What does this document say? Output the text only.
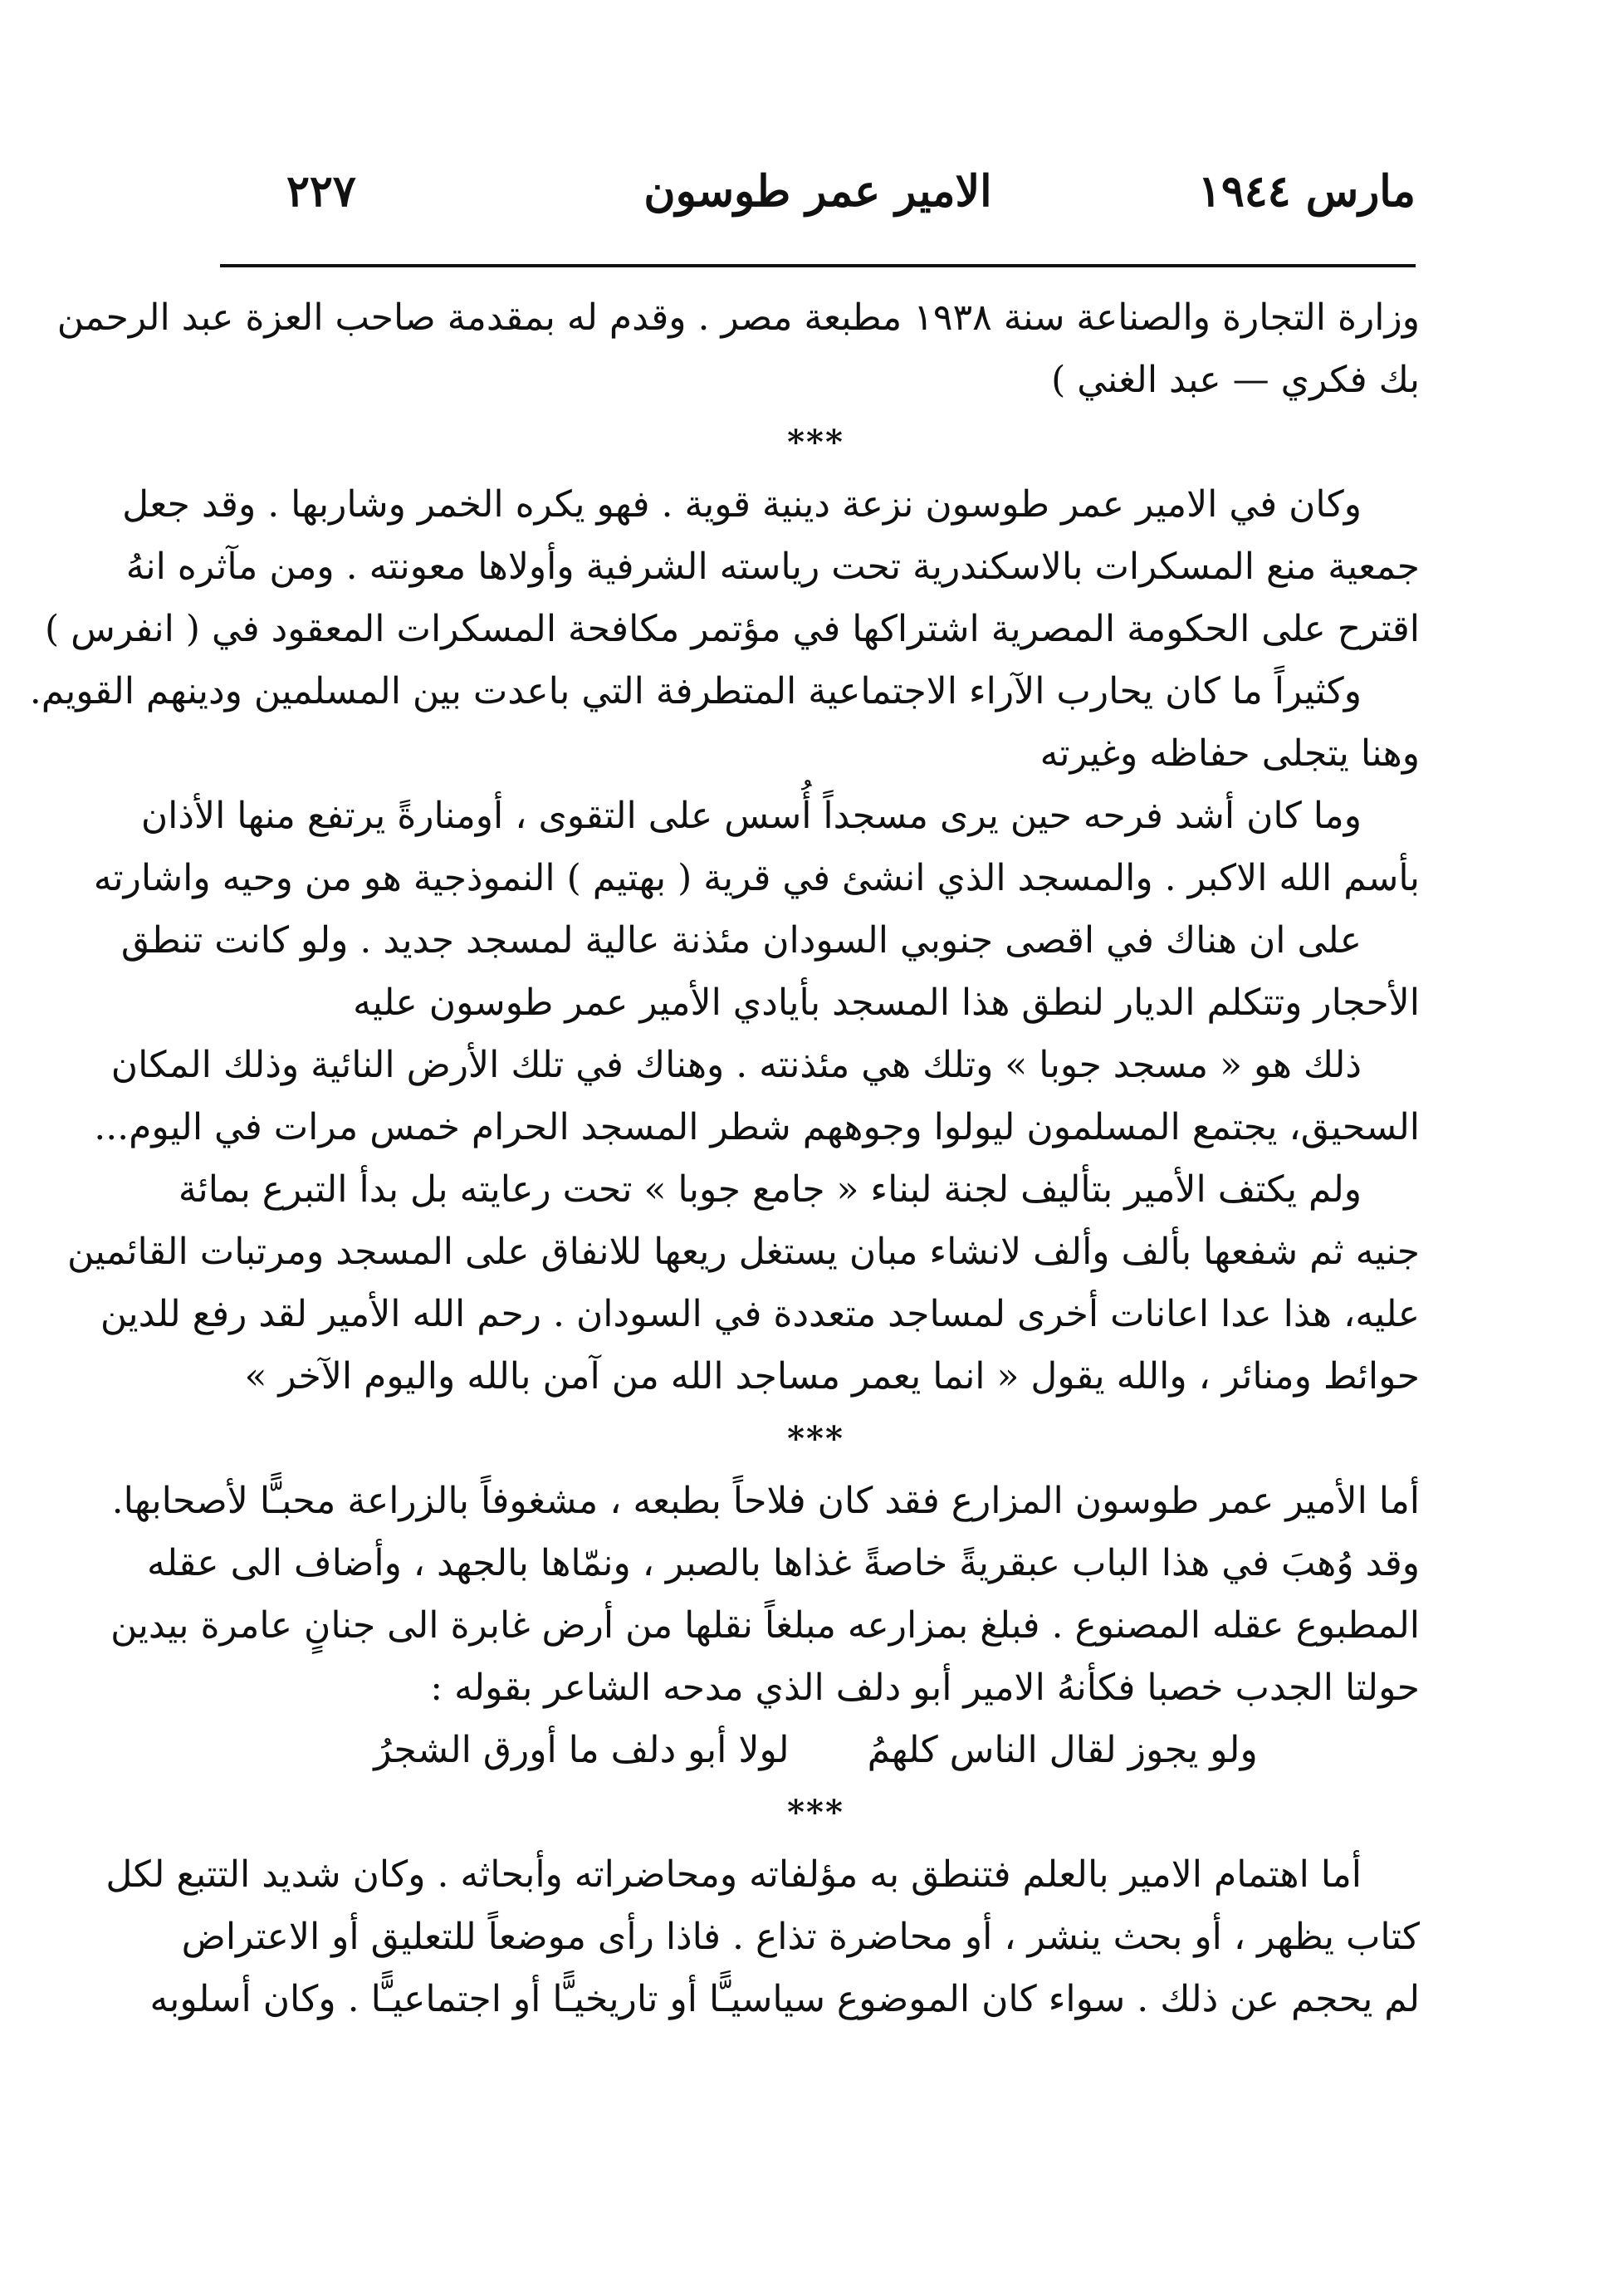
مارس ١٩٤٤
الامير عمر طوسون
٢٢٧
وزارة التجارة والصناعة سنة ١٩٣٨ مطبعة مصر . وقدم له بمقدمة صاحب العزة عبد الرحمن
بك فكري — عبد الغني )
***
وكان في الامير عمر طوسون نزعة دينية قوية . فهو يكره الخمر وشاربها . وقد جعل
جمعية منع المسكرات بالاسكندرية تحت رياسته الشرفية وأولاها معونته . ومن مآثره انهُ
اقترح على الحكومة المصرية اشتراكها في مؤتمر مكافحة المسكرات المعقود في ( انفرس )
وكثيراً ما كان يحارب الآراء الاجتماعية المتطرفة التي باعدت بين المسلمين ودينهم القويم.
وهنا يتجلى حفاظه وغيرته
وما كان أشد فرحه حين يرى مسجداً أُسس على التقوى ، أومنارةً يرتفع منها الأذان
بأسم الله الاكبر . والمسجد الذي انشئ في قرية ( بهتيم ) النموذجية هو من وحيه واشارته
على ان هناك في اقصى جنوبي السودان مئذنة عالية لمسجد جديد . ولو كانت تنطق
الأحجار وتتكلم الديار لنطق هذا المسجد بأيادي الأمير عمر طوسون عليه
ذلك هو « مسجد جوبا » وتلك هي مئذنته . وهناك في تلك الأرض النائية وذلك المكان
السحيق، يجتمع المسلمون ليولوا وجوههم شطر المسجد الحرام خمس مرات في اليوم...
ولم يكتف الأمير بتأليف لجنة لبناء « جامع جوبا » تحت رعايته بل بدأ التبرع بمائة
جنيه ثم شفعها بألف وألف لانشاء مبان يستغل ريعها للانفاق على المسجد ومرتبات القائمين
عليه، هذا عدا اعانات أخرى لمساجد متعددة في السودان . رحم الله الأمير لقد رفع للدين
حوائط ومنائر ، والله يقول « انما يعمر مساجد الله من آمن بالله واليوم الآخر »
***
أما الأمير عمر طوسون المزارع فقد كان فلاحاً بطبعه ، مشغوفاً بالزراعة محبـًّا لأصحابها.
وقد وُهبَ في هذا الباب عبقريةً خاصةً غذاها بالصبر ، ونمّاها بالجهد ، وأضاف الى عقله
المطبوع عقله المصنوع . فبلغ بمزارعه مبلغاً نقلها من أرض غابرة الى جنانٍ عامرة بيدين
حولتا الجدب خصبا فكأنهُ الامير أبو دلف الذي مدحه الشاعر بقوله :
ولو يجوز لقال الناس كلهمُ لولا أبو دلف ما أورق الشجرُ
***
أما اهتمام الامير بالعلم فتنطق به مؤلفاته ومحاضراته وأبحاثه . وكان شديد التتبع لكل
كتاب يظهر ، أو بحث ينشر ، أو محاضرة تذاع . فاذا رأى موضعاً للتعليق أو الاعتراض
لم يحجم عن ذلك . سواء كان الموضوع سياسيـًّا أو تاريخيـًّا أو اجتماعيـًّا . وكان أسلوبه
